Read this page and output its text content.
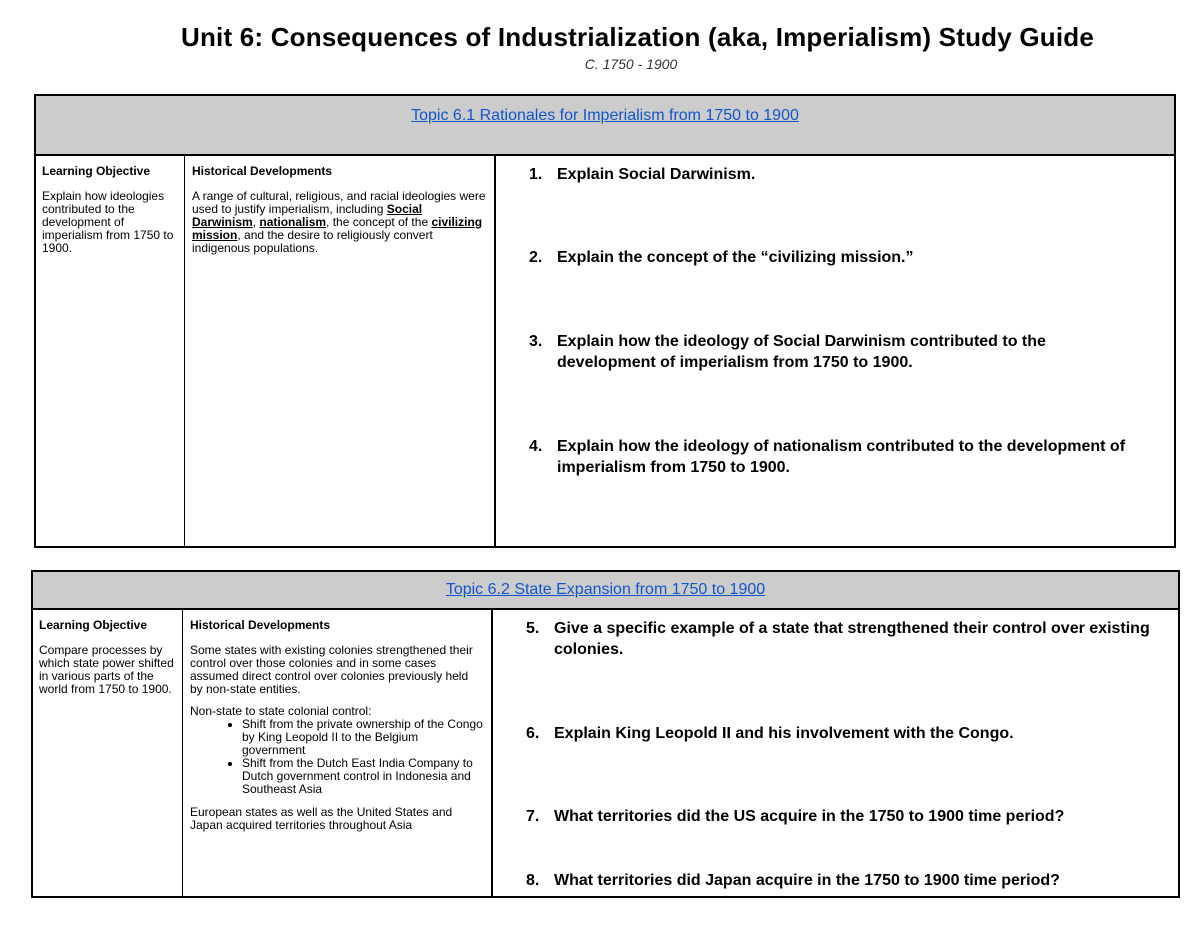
Unit 6: Consequences of Industrialization (aka, Imperialism) Study Guide
C. 1750 - 1900
Topic 6.1 Rationales for Imperialism from 1750 to 1900
Learning Objective
Explain how ideologies contributed to the development of imperialism from 1750 to 1900.
Historical Developments
A range of cultural, religious, and racial ideologies were used to justify imperialism, including Social Darwinism, nationalism, the concept of the civilizing mission, and the desire to religiously convert indigenous populations.
1. Explain Social Darwinism.
2. Explain the concept of the “civilizing mission.”
3. Explain how the ideology of Social Darwinism contributed to the development of imperialism from 1750 to 1900.
4. Explain how the ideology of nationalism contributed to the development of imperialism from 1750 to 1900.
Topic 6.2 State Expansion from 1750 to 1900
Learning Objective
Compare processes by which state power shifted in various parts of the world from 1750 to 1900.
Historical Developments

Some states with existing colonies strengthened their control over those colonies and in some cases assumed direct control over colonies previously held by non-state entities.

Non-state to state colonial control:

• Shift from the private ownership of the Congo by King Leopold II to the Belgium government
• Shift from the Dutch East India Company to Dutch government control in Indonesia and Southeast Asia

European states as well as the United States and Japan acquired territories throughout Asia

5. Give a specific example of a state that strengthened their control over existing colonies.
6. Explain King Leopold II and his involvement with the Congo.
7. What territories did the US acquire in the 1750 to 1900 time period?
8. What territories did Japan acquire in the 1750 to 1900 time period?
